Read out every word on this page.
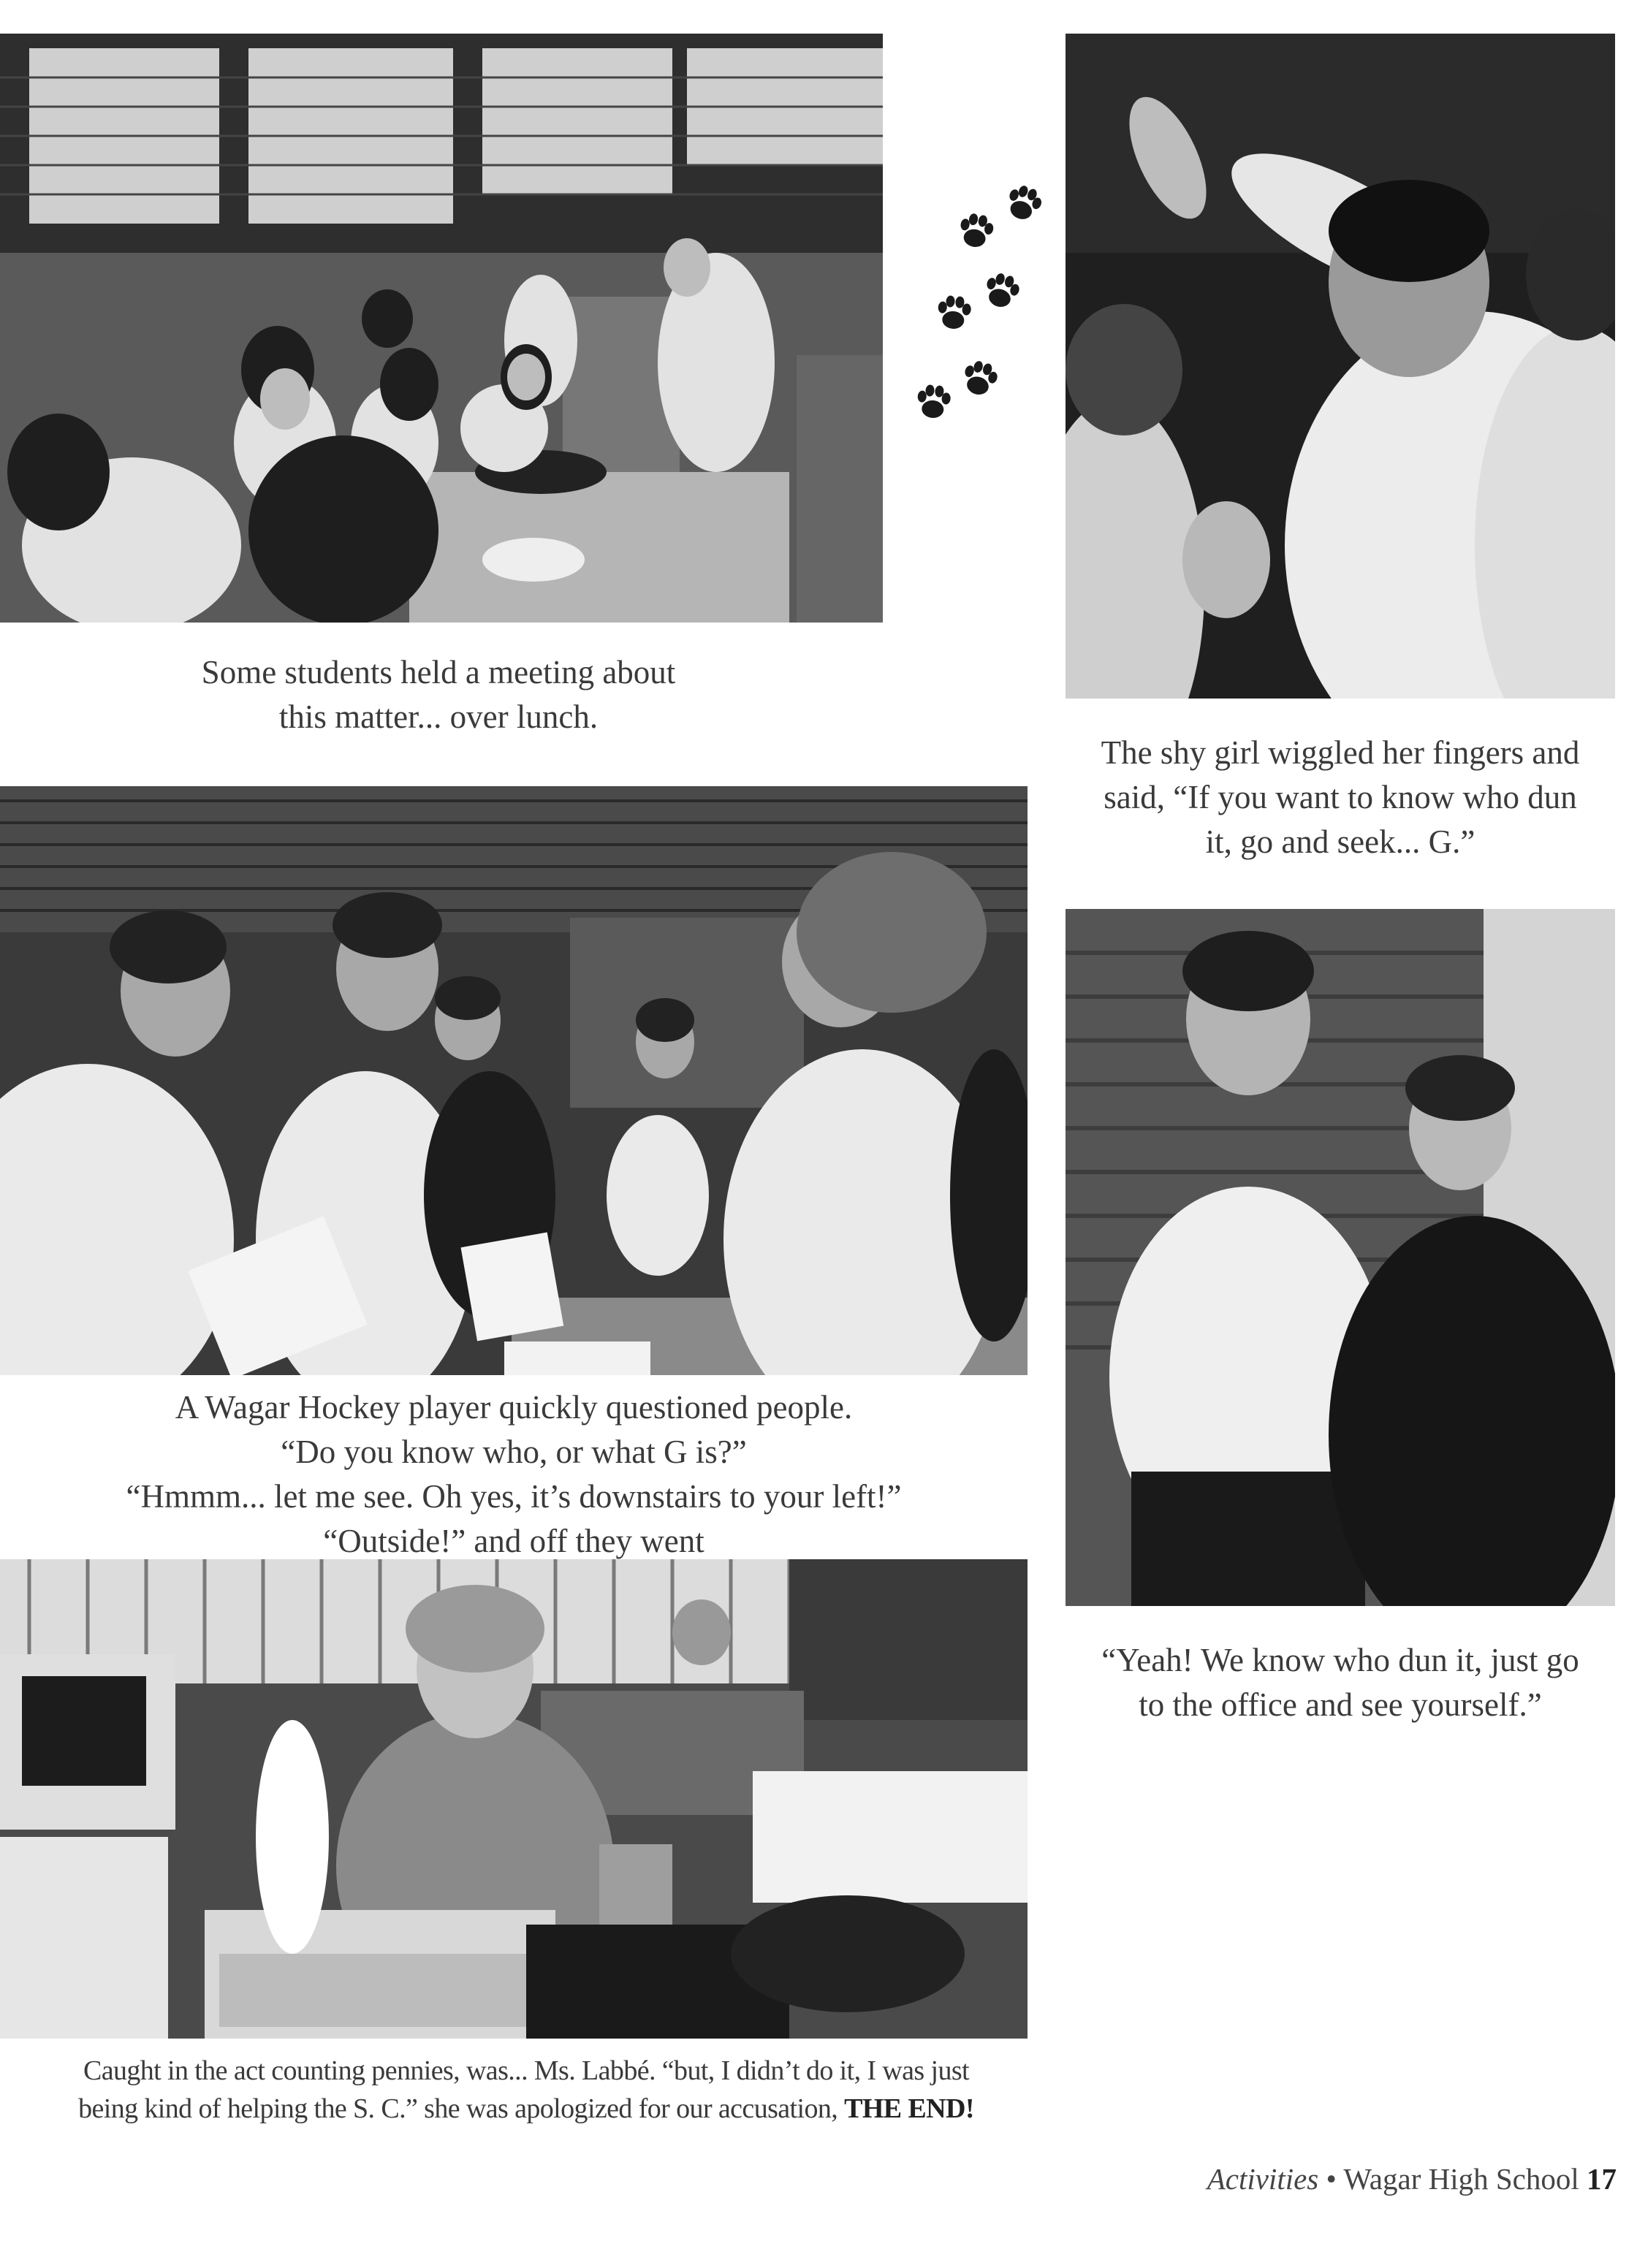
Some students held a meeting about
this matter... over lunch.
The shy girl wiggled her fingers and
said, “If you want to know who dun
it, go and seek... G.”
A Wagar Hockey player quickly questioned people.
“Do you know who, or what G is?”
“Hmmm... let me see. Oh yes, it’s downstairs to your left!”
“Outside!” and off they went
“Yeah! We know who dun it, just go
to the office and see yourself.”
Caught in the act counting pennies, was... Ms. Labbé. “but, I didn’t do it, I was just
being kind of helping the S. C.” she was apologized for our accusation, THE END!
Activities • Wagar High School 17
